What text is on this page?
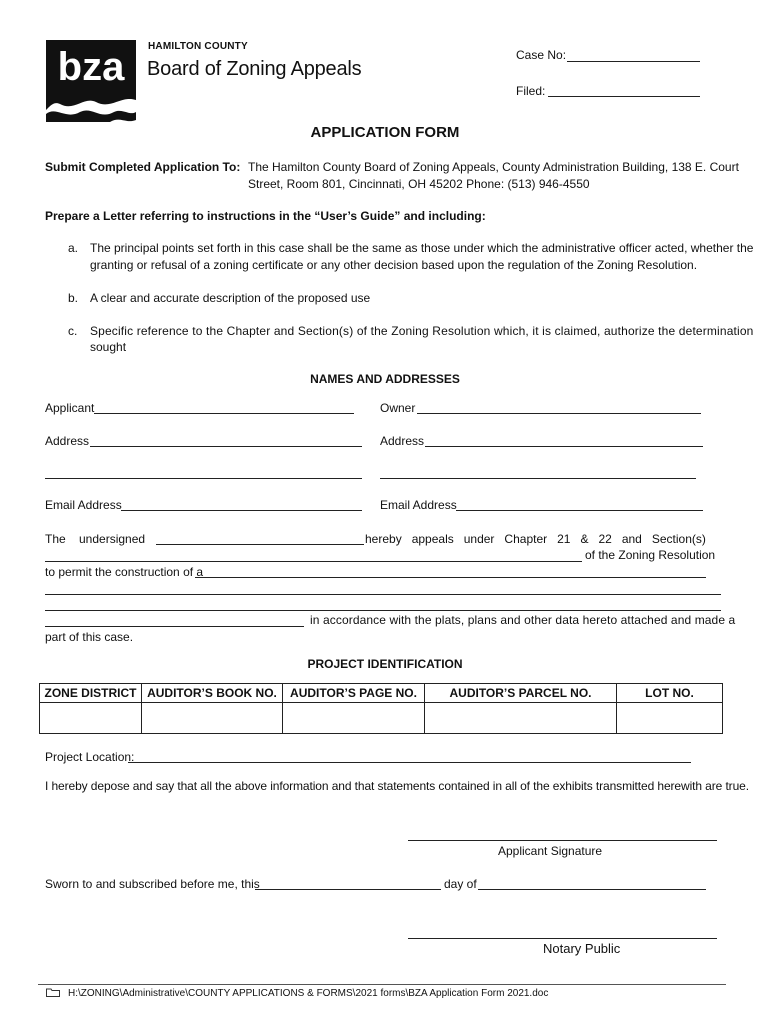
bza HAMILTON COUNTY
Board of Zoning Appeals
Case No:
Filed:
APPLICATION FORM
Submit Completed Application To: The Hamilton County Board of Zoning Appeals, County Administration Building, 138 E. Court
Street, Room 801, Cincinnati, OH 45202 Phone: (513) 946-4550
Prepare a Letter referring to instructions in the “User’s Guide” and including:
a. The principal points set forth in this case shall be the same as those under which the administrative officer acted, whether the
granting or refusal of a zoning certificate or any other decision based upon the regulation of the Zoning Resolution.
b. A clear and accurate description of the proposed use
c. Specific reference to the Chapter and Section(s) of the Zoning Resolution which, it is claimed, authorize the determination
sought
NAMES AND ADDRESSES
Applicant	Owner
Address	Address
Email Address	Email Address
The undersigned	hereby   appeals   under   Chapter   21   &   22   and   Section(s)
of the Zoning Resolution
to permit the construction of a
in accordance with the plats, plans and other data hereto attached and made a
part of this case.
PROJECT IDENTIFICATION
ZONE DISTRICT	AUDITOR’S BOOK NO.	AUDITOR’S PAGE NO.	AUDITOR’S PARCEL NO.	LOT NO.

Project Location:
I hereby depose and say that all the above information and that statements contained in all of the exhibits transmitted herewith are true.
Applicant Signature
Sworn to and subscribed before me, this	day of
Notary Public
H:\ZONING\Administrative\COUNTY APPLICATIONS & FORMS\2021 forms\BZA Application Form 2021.doc
